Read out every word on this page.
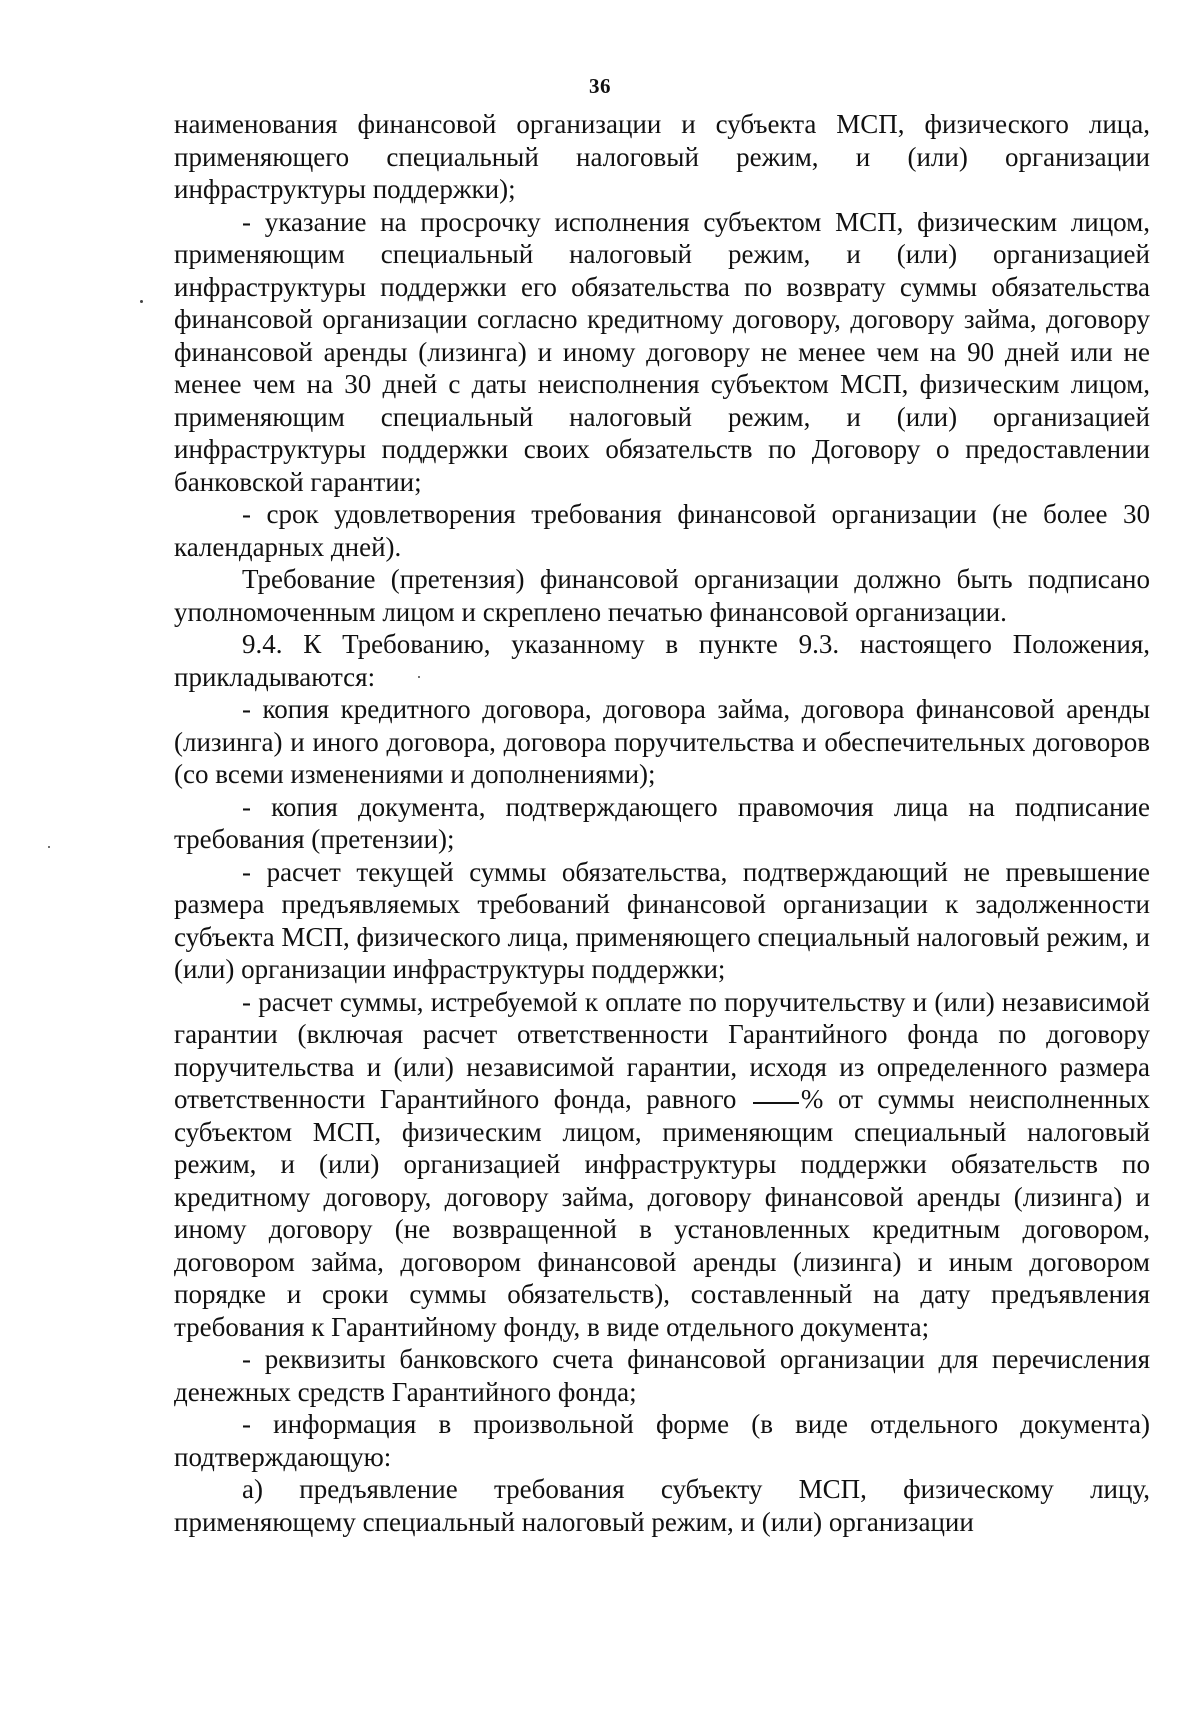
36

наименования финансовой организации и субъекта МСП, физического лица, применяющего специальный налоговый режим, и (или) организации инфраструктуры поддержки);

- указание на просрочку исполнения субъектом МСП, физическим лицом, применяющим специальный налоговый режим, и (или) организацией инфраструктуры поддержки его обязательства по возврату суммы обязательства финансовой организации согласно кредитному договору, договору займа, договору финансовой аренды (лизинга) и иному договору не менее чем на 90 дней или не менее чем на 30 дней с даты неисполнения субъектом МСП, физическим лицом, применяющим специальный налоговый режим, и (или) организацией инфраструктуры поддержки своих обязательств по Договору о предоставлении банковской гарантии;

- срок удовлетворения требования финансовой организации (не более 30 календарных дней).

Требование (претензия) финансовой организации должно быть подписано уполномоченным лицом и скреплено печатью финансовой организации.

9.4. К Требованию, указанному в пункте 9.3. настоящего Положения, прикладываются:

- копия кредитного договора, договора займа, договора финансовой аренды (лизинга) и иного договора, договора поручительства и обеспечительных договоров (со всеми изменениями и дополнениями);

- копия документа, подтверждающего правомочия лица на подписание требования (претензии);

- расчет текущей суммы обязательства, подтверждающий не превышение размера предъявляемых требований финансовой организации к задолженности субъекта МСП, физического лица, применяющего специальный налоговый режим, и (или) организации инфраструктуры поддержки;

- расчет суммы, истребуемой к оплате по поручительству и (или) независимой гарантии (включая расчет ответственности Гарантийного фонда по договору поручительства и (или) независимой гарантии, исходя из определенного размера ответственности Гарантийного фонда, равного % от суммы неисполненных субъектом МСП, физическим лицом, применяющим специальный налоговый режим, и (или) организацией инфраструктуры поддержки обязательств по кредитному договору, договору займа, договору финансовой аренды (лизинга) и иному договору (не возвращенной в установленных кредитным договором, договором займа, договором финансовой аренды (лизинга) и иным договором порядке и сроки суммы обязательств), составленный на дату предъявления требования к Гарантийному фонду, в виде отдельного документа;

- реквизиты банковского счета финансовой организации для перечисления денежных средств Гарантийного фонда;

- информация в произвольной форме (в виде отдельного документа) подтверждающую:

а) предъявление требования субъекту МСП, физическому лицу, применяющему специальный налоговый режим, и (или) организации
